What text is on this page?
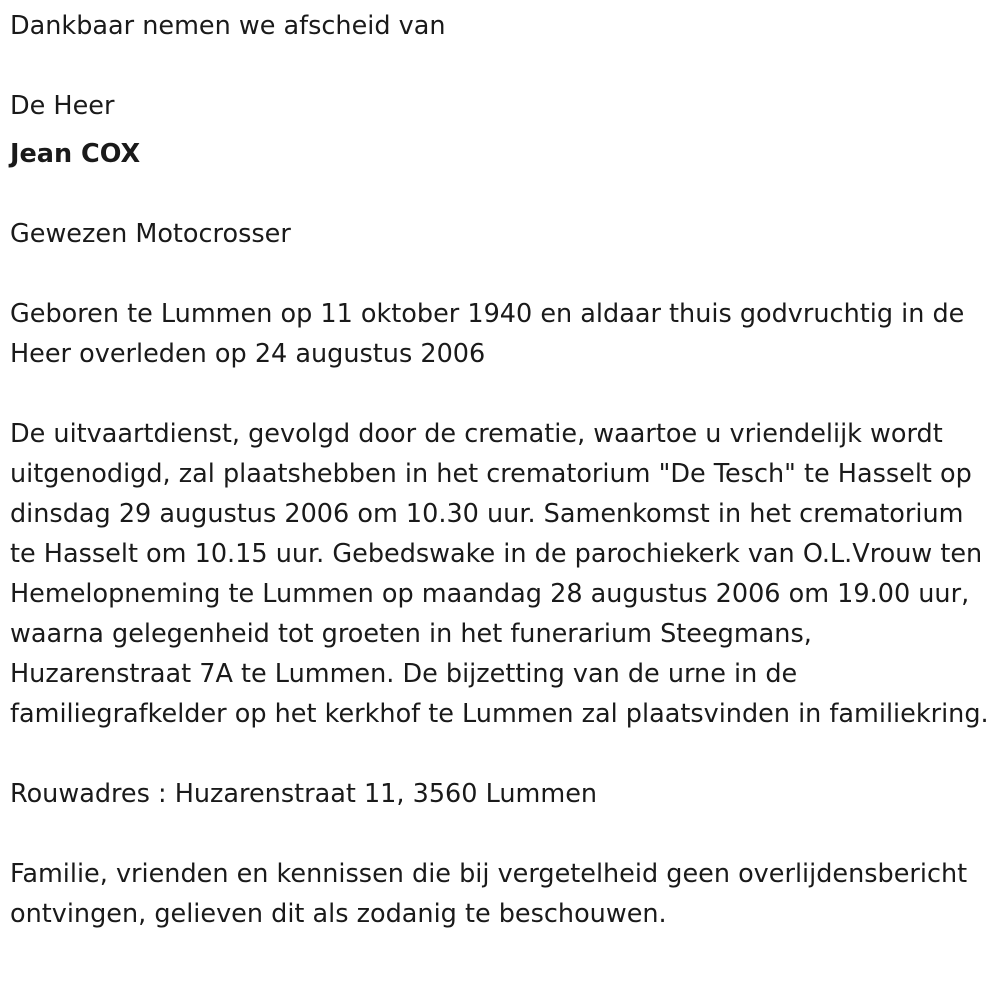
Dankbaar nemen we afscheid van

De Heer

Jean COX

Gewezen Motocrosser

Geboren te Lummen op 11 oktober 1940 en aldaar thuis godvruchtig in de Heer overleden op 24 augustus 2006

De uitvaartdienst, gevolgd door de crematie, waartoe u vriendelijk wordt uitgenodigd, zal plaatshebben in het crematorium "De Tesch" te Hasselt op dinsdag 29 augustus 2006 om 10.30 uur. Samenkomst in het crematorium te Hasselt om 10.15 uur. Gebedswake in de parochiekerk van O.L.Vrouw ten Hemelopneming te Lummen op maandag 28 augustus 2006 om 19.00 uur, waarna gelegenheid tot groeten in het funerarium Steegmans, Huzarenstraat 7A te Lummen. De bijzetting van de urne in de familiegrafkelder op het kerkhof te Lummen zal plaatsvinden in familiekring.

Rouwadres : Huzarenstraat 11, 3560 Lummen

Familie, vrienden en kennissen die bij vergetelheid geen overlijdensbericht ontvingen, gelieven dit als zodanig te beschouwen.
